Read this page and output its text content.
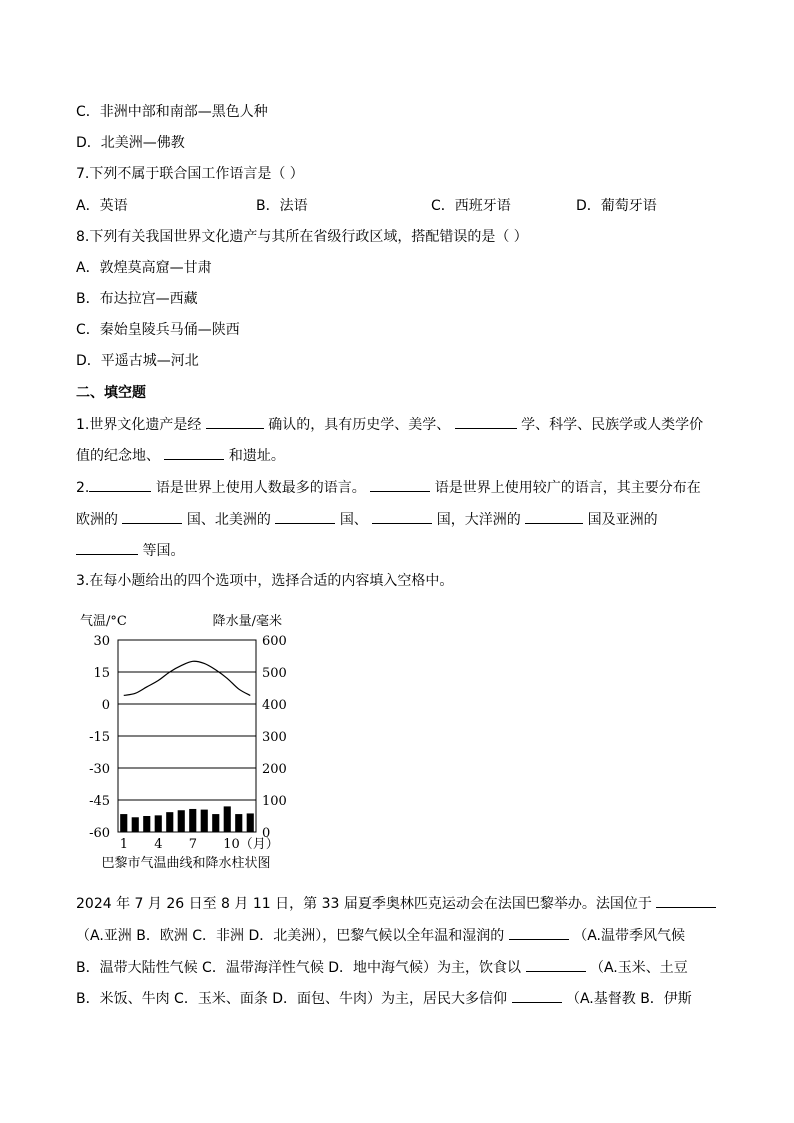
C．非洲中部和南部—黑色人种
D．北美洲—佛教
7.下列不属于联合国工作语言是（ ）
A．英语	B．法语	C．西班牙语	D．葡萄牙语
8.下列有关我国世界文化遗产与其所在省级行政区域，搭配错误的是（ ）
A．敦煌莫高窟—甘肃
B．布达拉宫—西藏
C．秦始皇陵兵马俑—陕西
D．平遥古城—河北
二、填空题
1.世界文化遗产是经	确认的，具有历史学、美学、	学、科学、民族学或人类学价
值的纪念地、	和遗址。
2.	语是世界上使用人数最多的语言。	语是世界上使用较广的语言，其主要分布在
欧洲的	国、北美洲的	国、	国，大洋洲的	国及亚洲的
等国。
3.在每小题给出的四个选项中，选择合适的内容填入空格中。
气温/°C	降水量/毫米
30
15
0
-15
-30
-45
-60
600
500
400
300
200
100
0
1 4 7 10（月）
巴黎市气温曲线和降水柱状图
2024 年 7 月 26 日至 8 月 11 日，第 33 届夏季奥林匹克运动会在法国巴黎举办。法国位于
（A.亚洲 B．欧洲 C．非洲 D．北美洲），巴黎气候以全年温和湿润的	（A.温带季风气候
B．温带大陆性气候 C．温带海洋性气候 D．地中海气候）为主，饮食以	（A.玉米、土豆
B．米饭、牛肉 C．玉米、面条 D．面包、牛肉）为主，居民大多信仰	（A.基督教 B．伊斯
